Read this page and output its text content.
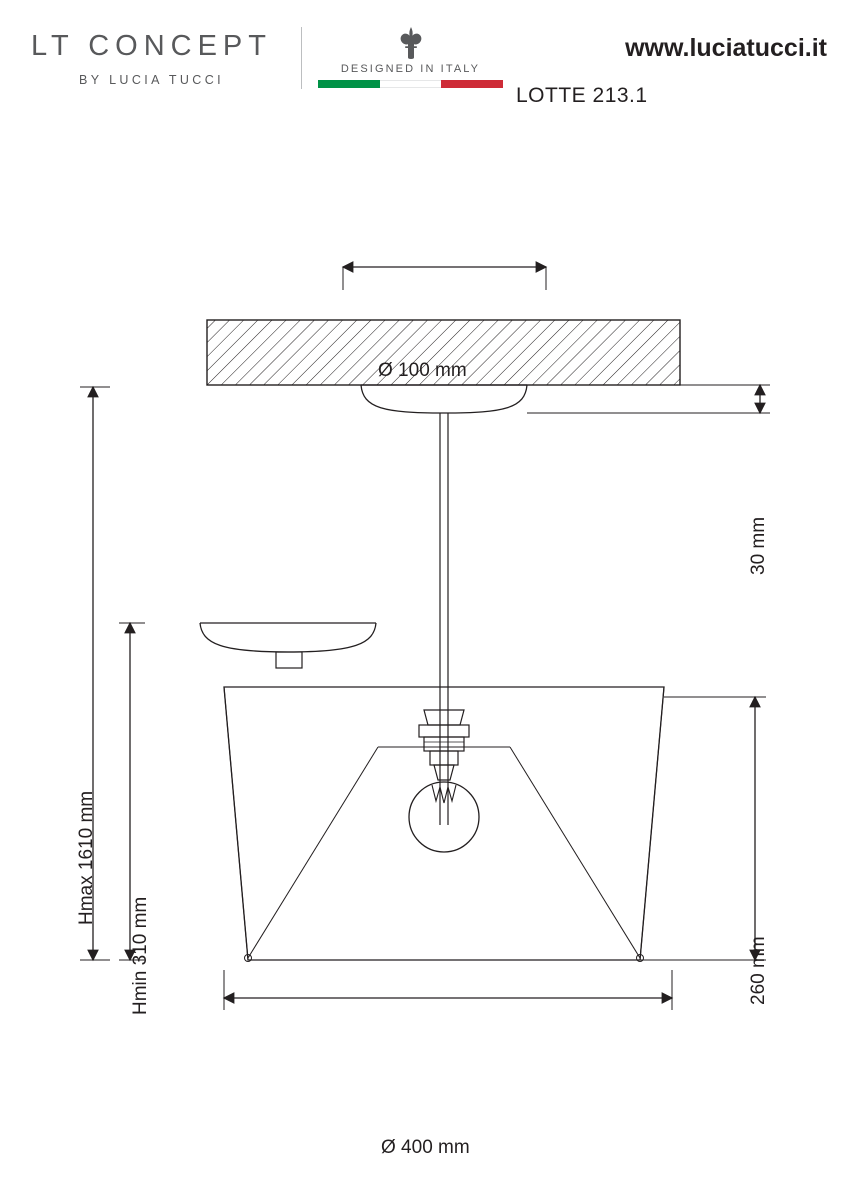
LT CONCEPT
BY LUCIA TUCCI
DESIGNED IN ITALY
www.luciatucci.it
LOTTE 213.1
Ø 100 mm
Ø 400 mm
Hmax 1610 mm
Hmin 310 mm
30 mm
260 mm
